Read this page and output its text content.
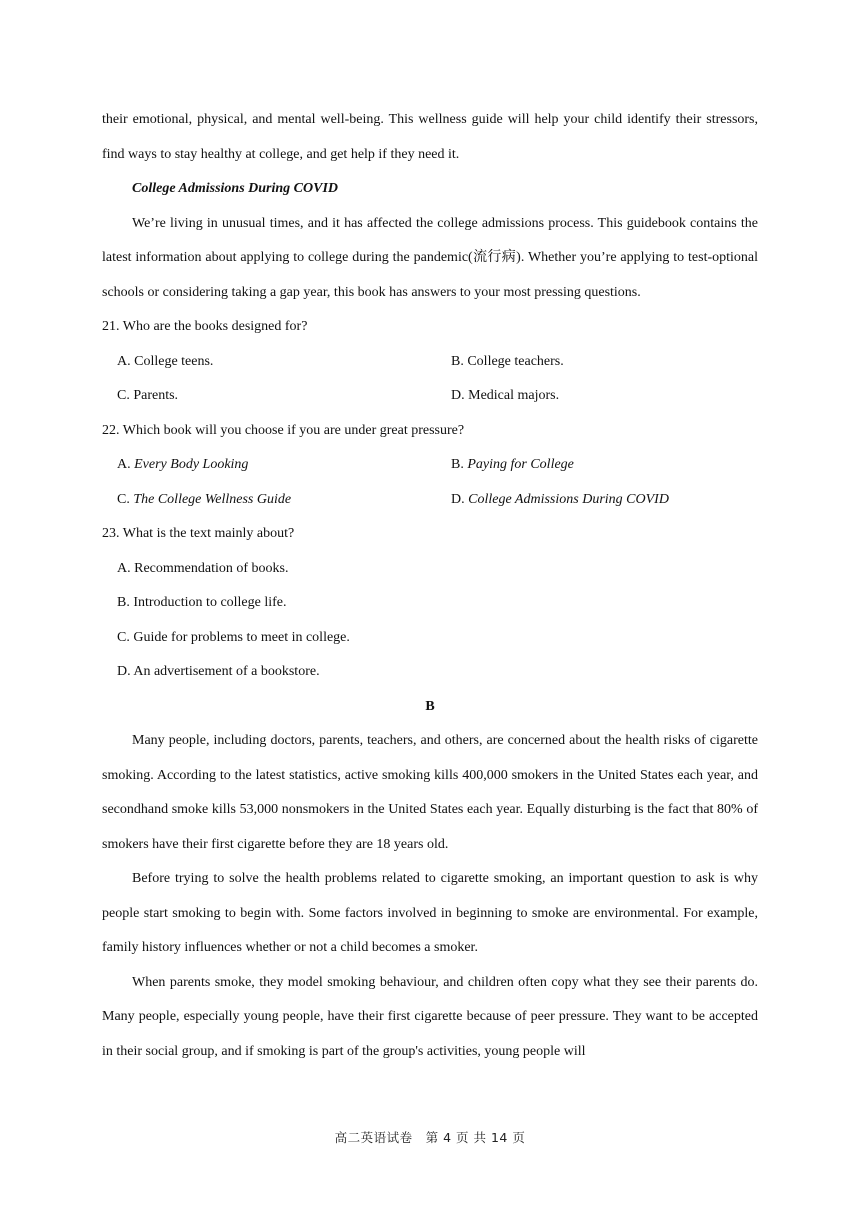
their emotional, physical, and mental well-being. This wellness guide will help your child identify their stressors, find ways to stay healthy at college, and get help if they need it.

College Admissions During COVID

We’re living in unusual times, and it has affected the college admissions process. This guidebook contains the latest information about applying to college during the pandemic(流行病). Whether you’re applying to test-optional schools or considering taking a gap year, this book has answers to your most pressing questions.

21. Who are the books designed for?

A. College teens.	B. College teachers.
C. Parents.	D. Medical majors.

22. Which book will you choose if you are under great pressure?

A. Every Body Looking	B. Paying for College
C. The College Wellness Guide	D. College Admissions During COVID

23. What is the text mainly about?

A. Recommendation of books.
B. Introduction to college life.
C. Guide for problems to meet in college.
D. An advertisement of a bookstore.

B

Many people, including doctors, parents, teachers, and others, are concerned about the health risks of cigarette smoking. According to the latest statistics, active smoking kills 400,000 smokers in the United States each year, and secondhand smoke kills 53,000 nonsmokers in the United States each year. Equally disturbing is the fact that 80% of smokers have their first cigarette before they are 18 years old.

Before trying to solve the health problems related to cigarette smoking, an important question to ask is why people start smoking to begin with. Some factors involved in beginning to smoke are environmental. For example, family history influences whether or not a child becomes a smoker.

When parents smoke, they model smoking behaviour, and children often copy what they see their parents do. Many people, especially young people, have their first cigarette because of peer pressure. They want to be accepted in their social group, and if smoking is part of the group's activities, young people will

高二英语试卷　第 4 页 共 14 页
